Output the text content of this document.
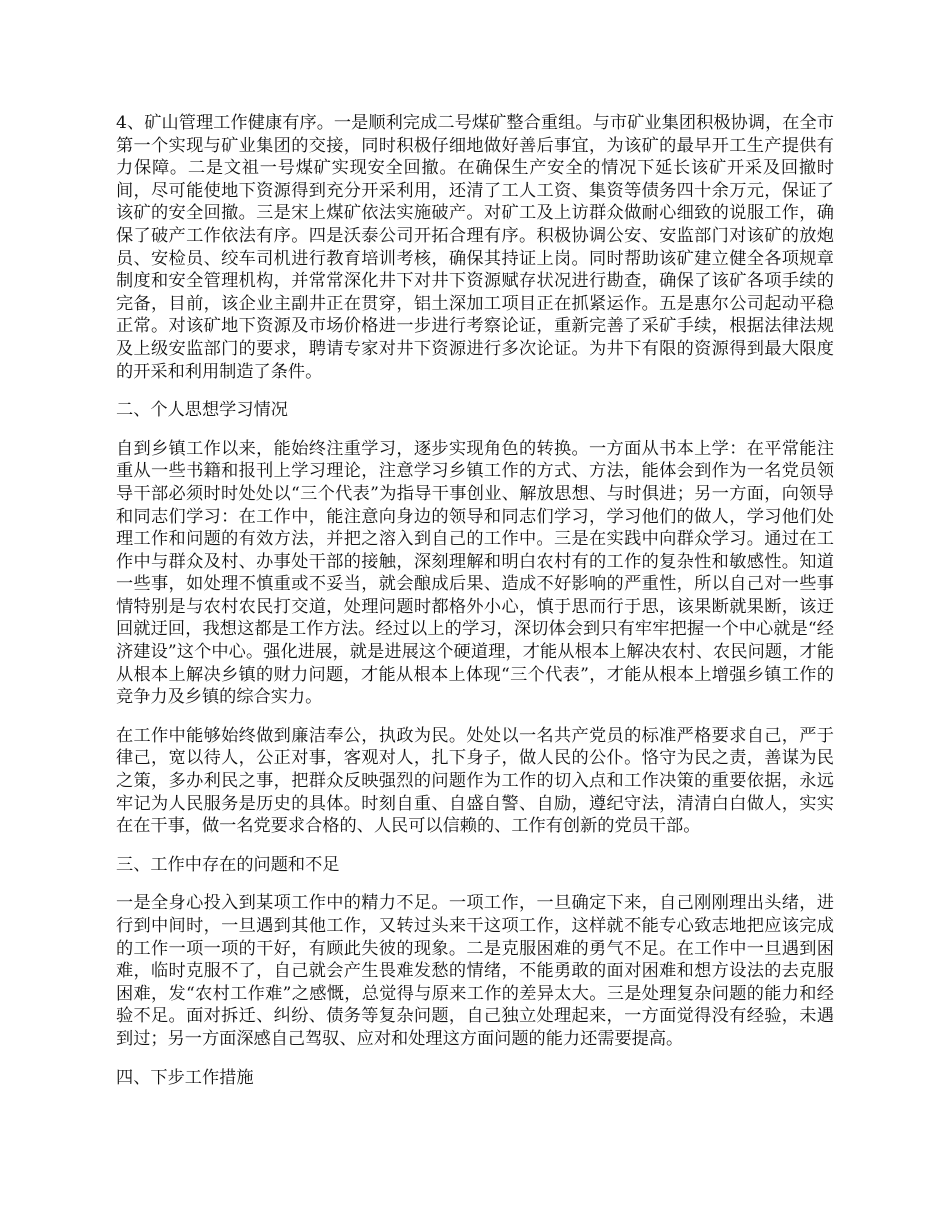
4、矿山管理工作健康有序。一是顺利完成二号煤矿整合重组。与市矿业集团积极协调，在全市第一个实现与矿业集团的交接，同时积极仔细地做好善后事宜，为该矿的最早开工生产提供有力保障。二是文祖一号煤矿实现安全回撤。在确保生产安全的情况下延长该矿开采及回撤时间，尽可能使地下资源得到充分开采利用，还清了工人工资、集资等债务四十余万元，保证了该矿的安全回撤。三是宋上煤矿依法实施破产。对矿工及上访群众做耐心细致的说服工作，确保了破产工作依法有序。四是沃泰公司开拓合理有序。积极协调公安、安监部门对该矿的放炮员、安检员、绞车司机进行教育培训考核，确保其持证上岗。同时帮助该矿建立健全各项规章制度和安全管理机构，并常常深化井下对井下资源赋存状况进行勘查，确保了该矿各项手续的完备，目前，该企业主副井正在贯穿，铝土深加工项目正在抓紧运作。五是惠尔公司起动平稳正常。对该矿地下资源及市场价格进一步进行考察论证，重新完善了采矿手续，根据法律法规及上级安监部门的要求，聘请专家对井下资源进行多次论证。为井下有限的资源得到最大限度的开采和利用制造了条件。

二、个人思想学习情况

自到乡镇工作以来，能始终注重学习，逐步实现角色的转换。一方面从书本上学：在平常能注重从一些书籍和报刊上学习理论，注意学习乡镇工作的方式、方法，能体会到作为一名党员领导干部必须时时处处以“三个代表”为指导干事创业、解放思想、与时俱进；另一方面，向领导和同志们学习：在工作中，能注意向身边的领导和同志们学习，学习他们的做人，学习他们处理工作和问题的有效方法，并把之溶入到自己的工作中。三是在实践中向群众学习。通过在工作中与群众及村、办事处干部的接触，深刻理解和明白农村有的工作的复杂性和敏感性。知道一些事，如处理不慎重或不妥当，就会酿成后果、造成不好影响的严重性，所以自己对一些事情特别是与农村农民打交道，处理问题时都格外小心，慎于思而行于思，该果断就果断，该迂回就迂回，我想这都是工作方法。经过以上的学习，深切体会到只有牢牢把握一个中心就是“经济建设”这个中心。强化进展，就是进展这个硬道理，才能从根本上解决农村、农民问题，才能从根本上解决乡镇的财力问题，才能从根本上体现“三个代表”，才能从根本上增强乡镇工作的竞争力及乡镇的综合实力。

在工作中能够始终做到廉洁奉公，执政为民。处处以一名共产党员的标准严格要求自己，严于律己，宽以待人，公正对事，客观对人，扎下身子，做人民的公仆。恪守为民之责，善谋为民之策，多办利民之事，把群众反映强烈的问题作为工作的切入点和工作决策的重要依据，永远牢记为人民服务是历史的具体。时刻自重、自盛自警、自励，遵纪守法，清清白白做人，实实在在干事，做一名党要求合格的、人民可以信赖的、工作有创新的党员干部。

三、工作中存在的问题和不足

一是全身心投入到某项工作中的精力不足。一项工作，一旦确定下来，自己刚刚理出头绪，进行到中间时，一旦遇到其他工作，又转过头来干这项工作，这样就不能专心致志地把应该完成的工作一项一项的干好，有顾此失彼的现象。二是克服困难的勇气不足。在工作中一旦遇到困难，临时克服不了，自己就会产生畏难发愁的情绪，不能勇敢的面对困难和想方设法的去克服困难，发“农村工作难”之感慨，总觉得与原来工作的差异太大。三是处理复杂问题的能力和经验不足。面对拆迁、纠纷、债务等复杂问题，自己独立处理起来，一方面觉得没有经验，未遇到过；另一方面深感自己驾驭、应对和处理这方面问题的能力还需要提高。

四、下步工作措施
